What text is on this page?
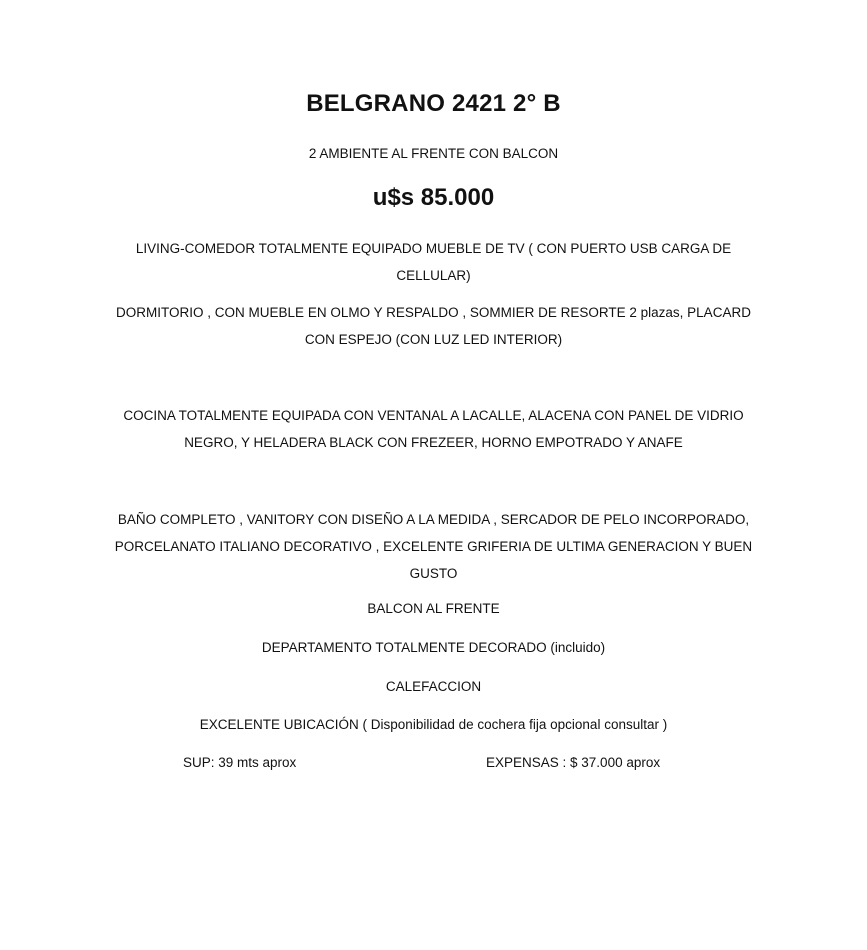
BELGRANO 2421 2° B
2 AMBIENTE AL FRENTE CON BALCON
u$s 85.000
LIVING-COMEDOR TOTALMENTE EQUIPADO MUEBLE DE TV ( CON PUERTO USB CARGA DE CELLULAR)
DORMITORIO , CON MUEBLE EN OLMO Y RESPALDO , SOMMIER DE RESORTE 2 plazas, PLACARD CON ESPEJO (CON LUZ LED INTERIOR)
COCINA TOTALMENTE EQUIPADA CON VENTANAL A LACALLE, ALACENA CON PANEL DE VIDRIO NEGRO, Y HELADERA BLACK CON FREZEER, HORNO EMPOTRADO Y ANAFE
BAÑO COMPLETO , VANITORY CON DISEÑO A LA MEDIDA , SERCADOR DE PELO INCORPORADO, PORCELANATO ITALIANO DECORATIVO , EXCELENTE GRIFERIA DE ULTIMA GENERACION Y BUEN GUSTO
BALCON AL FRENTE
DEPARTAMENTO TOTALMENTE DECORADO (incluido)
CALEFACCION
EXCELENTE UBICACIÓN ( Disponibilidad de cochera fija opcional consultar )
SUP: 39 mts aprox	EXPENSAS : $ 37.000 aprox
